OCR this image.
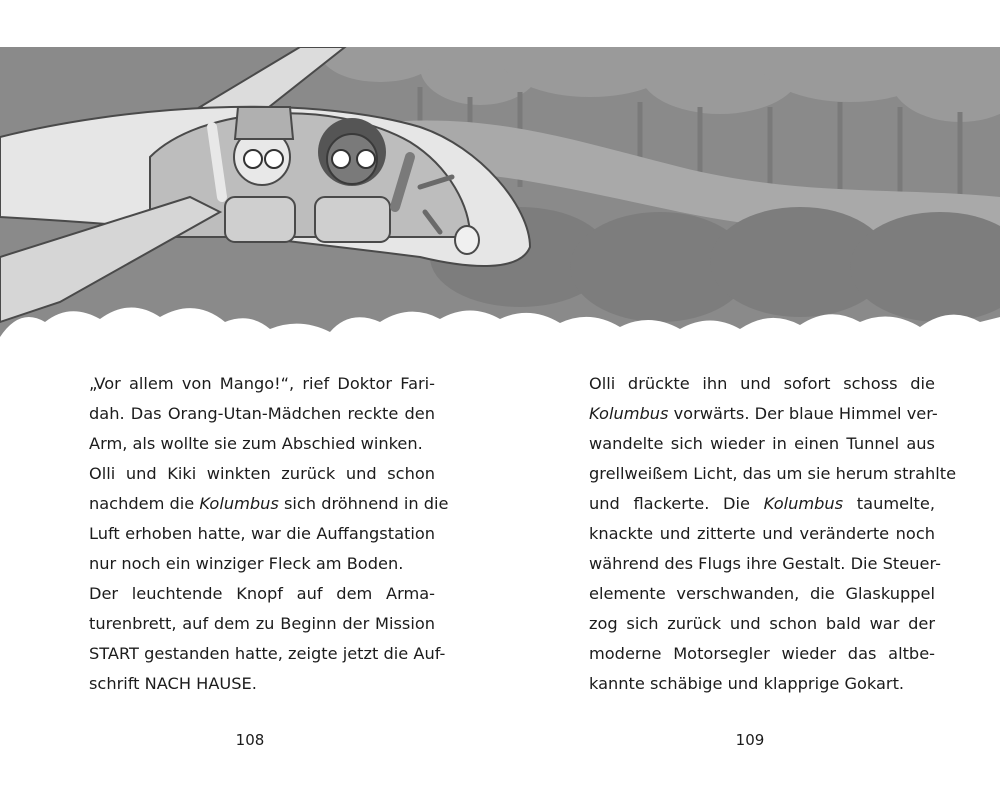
„Vor allem von Mango!“, rief Doktor Fari-
dah. Das Orang-Utan-Mädchen reckte den
Arm, als wollte sie zum Abschied winken.

Olli und Kiki winkten zurück und schon
nachdem die Kolumbus sich dröhnend in die
Luft erhoben hatte, war die Auffangstation
nur noch ein winziger Fleck am Boden.

Der leuchtende Knopf auf dem Arma-
turenbrett, auf dem zu Beginn der Mission
START gestanden hatte, zeigte jetzt die Auf-
schrift NACH HAUSE.

Olli drückte ihn und sofort schoss die
Kolumbus vorwärts. Der blaue Himmel ver-
wandelte sich wieder in einen Tunnel aus
grellweißem Licht, das um sie herum strahlte
und flackerte. Die Kolumbus taumelte,
knackte und zitterte und veränderte noch
während des Flugs ihre Gestalt. Die Steuer-
elemente verschwanden, die Glaskuppel
zog sich zurück und schon bald war der
moderne Motorsegler wieder das altbe-
kannte schäbige und klapprige Gokart.

108	109
